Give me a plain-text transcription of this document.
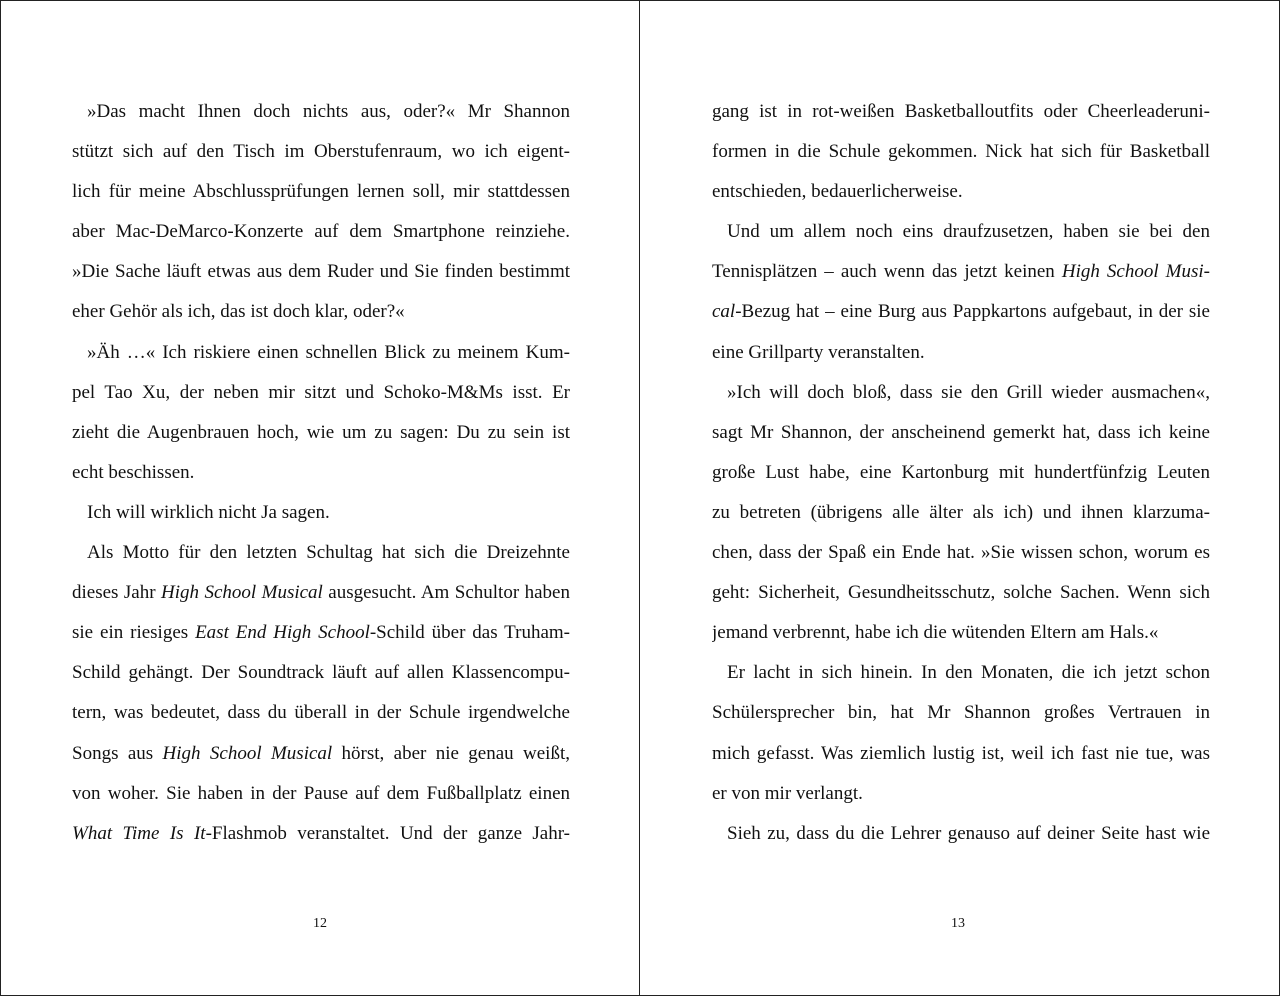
»Das macht Ihnen doch nichts aus, oder?« Mr Shannon
stützt sich auf den Tisch im Oberstufenraum, wo ich eigent-
lich für meine Abschlussprüfungen lernen soll, mir stattdessen
aber Mac-DeMarco-Konzerte auf dem Smartphone reinziehe.
»Die Sache läuft etwas aus dem Ruder und Sie finden bestimmt
eher Gehör als ich, das ist doch klar, oder?«
»Äh …« Ich riskiere einen schnellen Blick zu meinem Kum-
pel Tao Xu, der neben mir sitzt und Schoko-M&Ms isst. Er
zieht die Augenbrauen hoch, wie um zu sagen: Du zu sein ist
echt beschissen.
Ich will wirklich nicht Ja sagen.
Als Motto für den letzten Schultag hat sich die Dreizehnte
dieses Jahr High School Musical ausgesucht. Am Schultor haben
sie ein riesiges East End High School-Schild über das Truham-
Schild gehängt. Der Soundtrack läuft auf allen Klassencompu-
tern, was bedeutet, dass du überall in der Schule irgendwelche
Songs aus High School Musical hörst, aber nie genau weißt,
von woher. Sie haben in der Pause auf dem Fußballplatz einen
What Time Is It-Flashmob veranstaltet. Und der ganze Jahr-
12
gang ist in rot-weißen Basketballoutfits oder Cheerleaderuni-
formen in die Schule gekommen. Nick hat sich für Basketball
entschieden, bedauerlicherweise.
Und um allem noch eins draufzusetzen, haben sie bei den
Tennisplätzen – auch wenn das jetzt keinen High School Musi-
cal-Bezug hat – eine Burg aus Pappkartons aufgebaut, in der sie
eine Grillparty veranstalten.
»Ich will doch bloß, dass sie den Grill wieder ausmachen«,
sagt Mr Shannon, der anscheinend gemerkt hat, dass ich keine
große Lust habe, eine Kartonburg mit hundertfünfzig Leuten
zu betreten (übrigens alle älter als ich) und ihnen klarzuma-
chen, dass der Spaß ein Ende hat. »Sie wissen schon, worum es
geht: Sicherheit, Gesundheitsschutz, solche Sachen. Wenn sich
jemand verbrennt, habe ich die wütenden Eltern am Hals.«
Er lacht in sich hinein. In den Monaten, die ich jetzt schon
Schülersprecher bin, hat Mr Shannon großes Vertrauen in
mich gefasst. Was ziemlich lustig ist, weil ich fast nie tue, was
er von mir verlangt.
Sieh zu, dass du die Lehrer genauso auf deiner Seite hast wie
13
